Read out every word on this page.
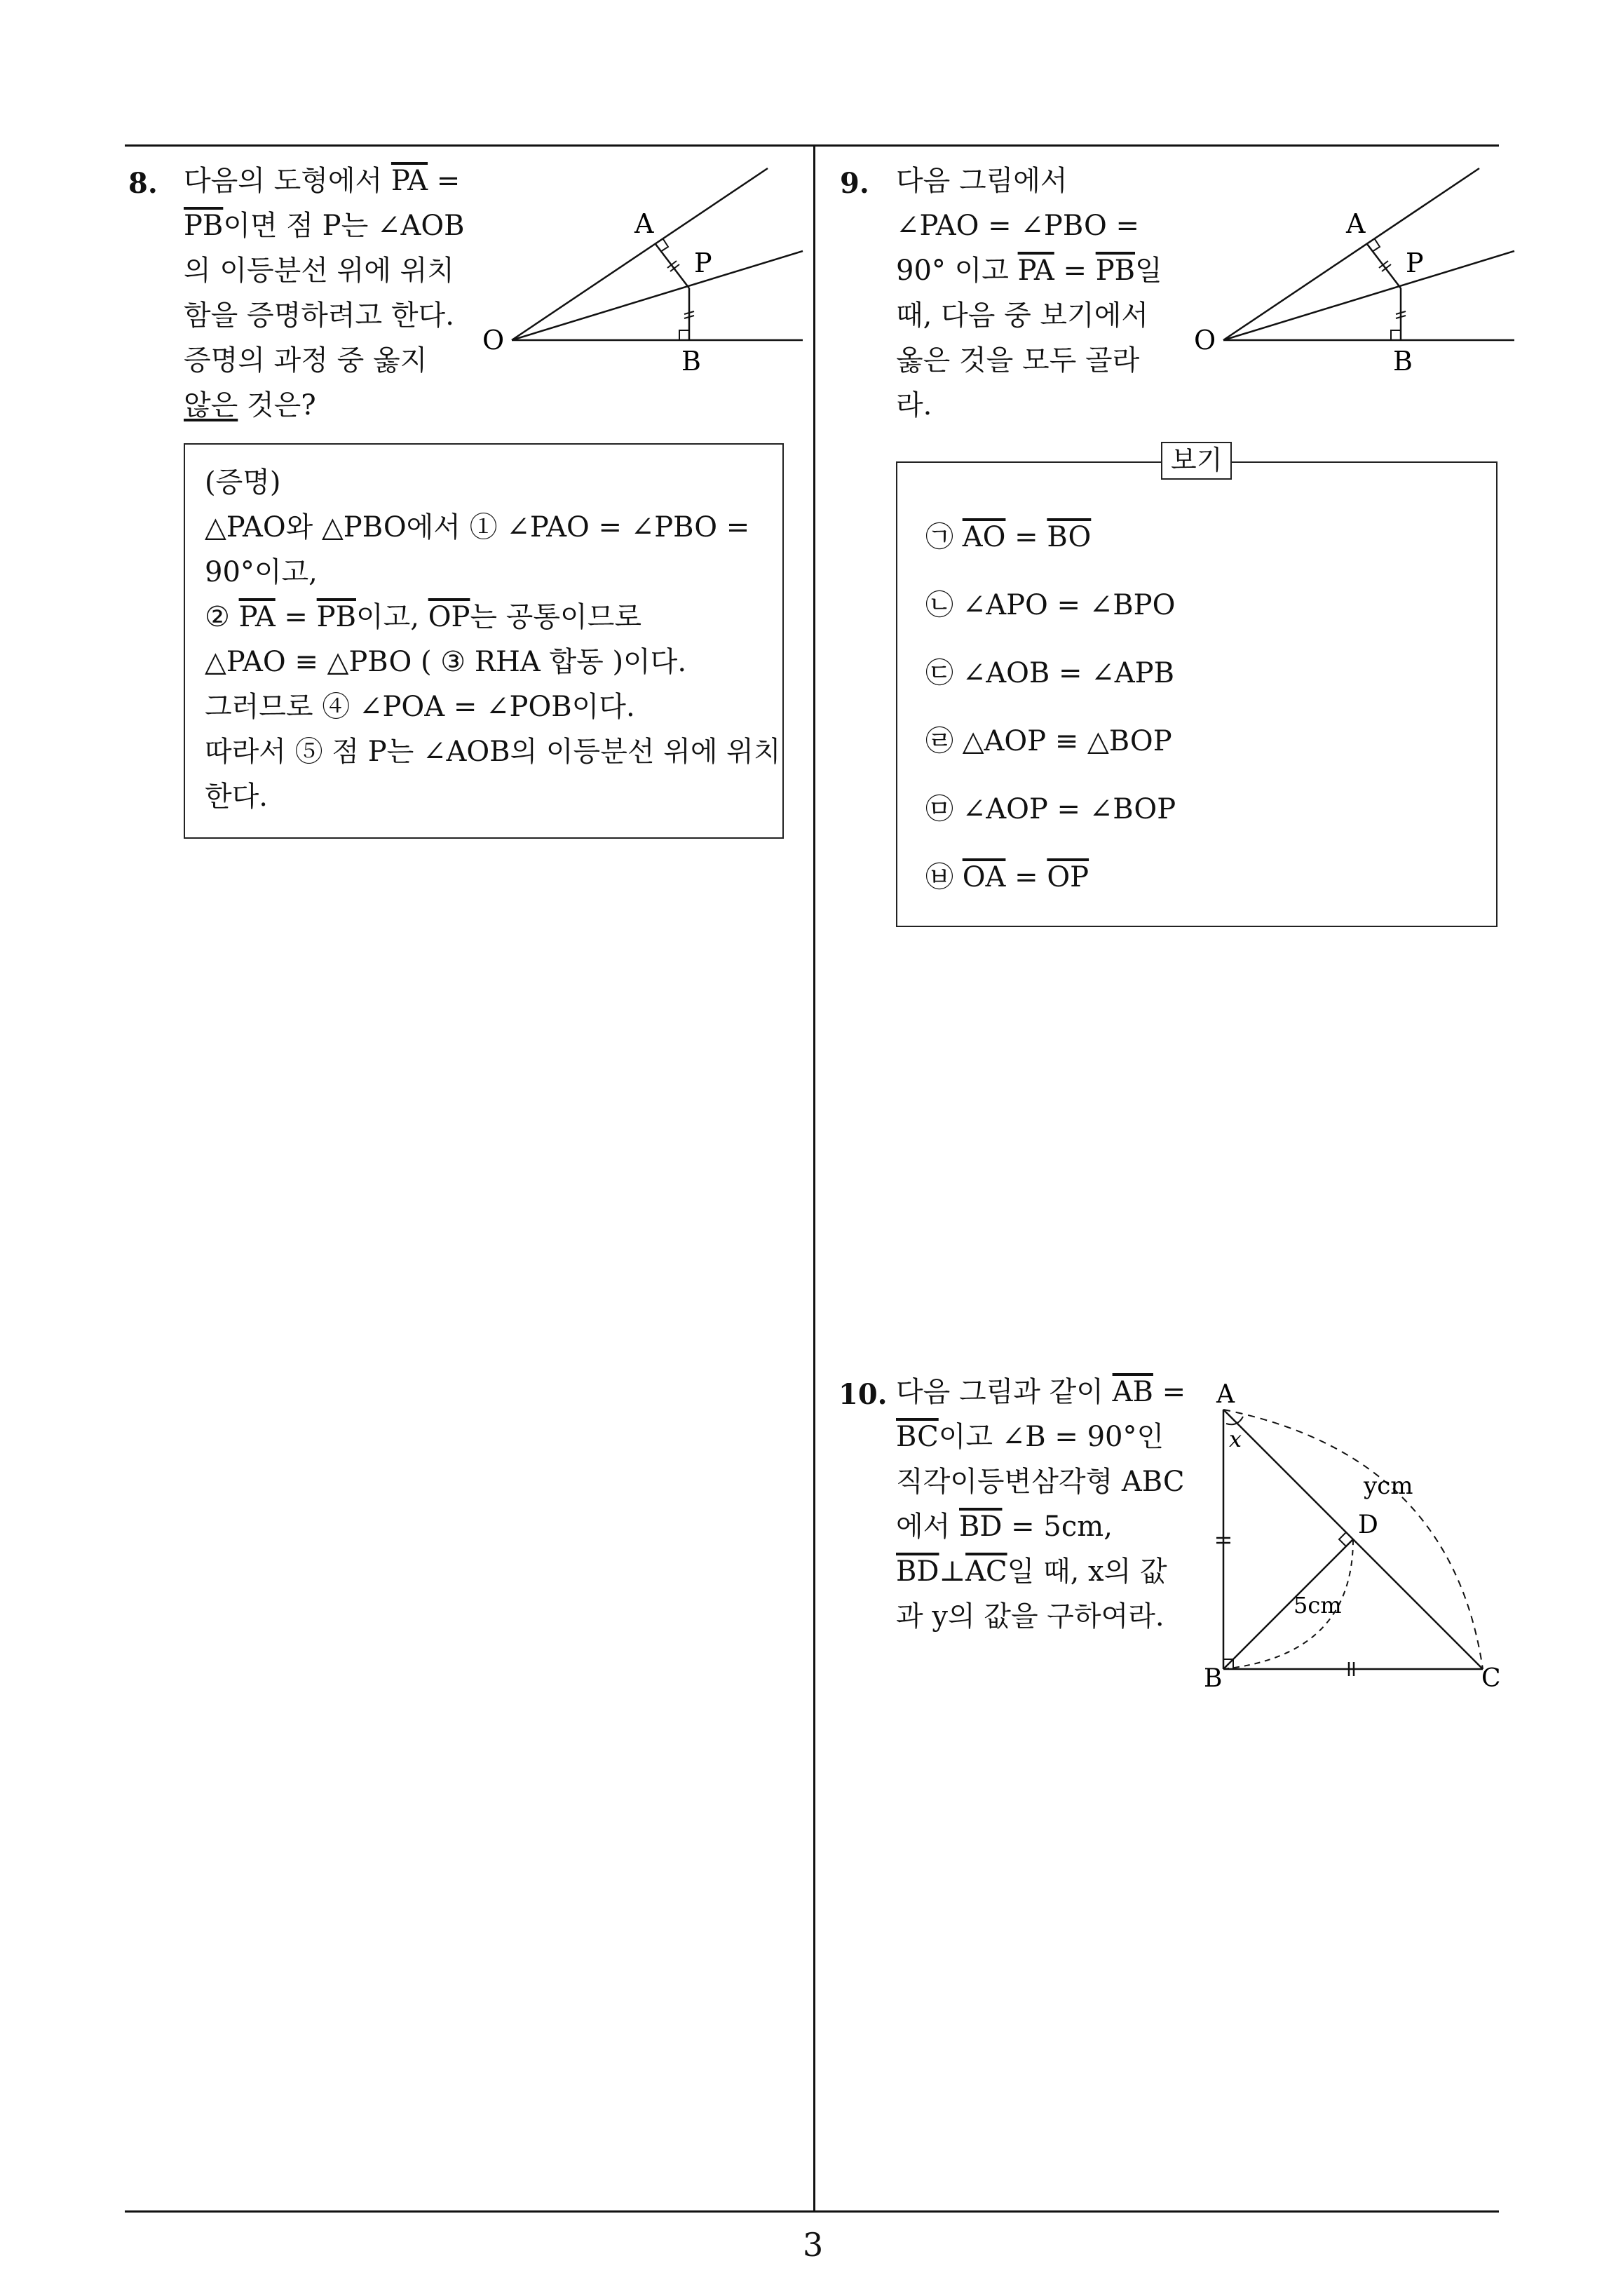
3
8. 다음의 도형에서 $\overline{PA}$ =
$\overline{PB}$이면 점 P는 ∠AOB
의 이등분선 위에 위치
함을 증명하려고 한다.
증명의 과정 중 옳지
않은 것은?
A
P
O
B
(증명)
△PAO와 △PBO에서 ① ∠PAO = ∠PBO =
90°이고,
② $\overline{PA} = \overline{PB}$이고, $\overline{OP}$는 공통이므로
△PAO ≡ △PBO ( ③ RHA 합동 )이다.
그러므로 ④ ∠POA = ∠POB이다.
따라서 ⑤ 점 P는 ∠AOB의 이등분선 위에 위치
한다.
9. 다음 그림에서
∠PAO = ∠PBO =
90° 이고 $\overline{PA} = \overline{PB}$일
때, 다음 중 보기에서
옳은 것을 모두 골라
라.
A
P
O
B
보기
㉠ $\overline{AO} = \overline{BO}$
㉡ ∠APO = ∠BPO
㉢ ∠AOB = ∠APB
㉣ △AOP ≡ △BOP
㉤ ∠AOP = ∠BOP
㉥ $\overline{OA} = \overline{OP}$
10. 다음 그림과 같이 $\overline{AB}$ =
$\overline{BC}$이고 ∠B = 90°인
직각이등변삼각형 ABC
에서 $\overline{BD} = 5cm$,
$\overline{BD}\perp\overline{AC}$일 때, x의 값
과 y의 값을 구하여라.
A
x
ycm
D
5cm
B	C
